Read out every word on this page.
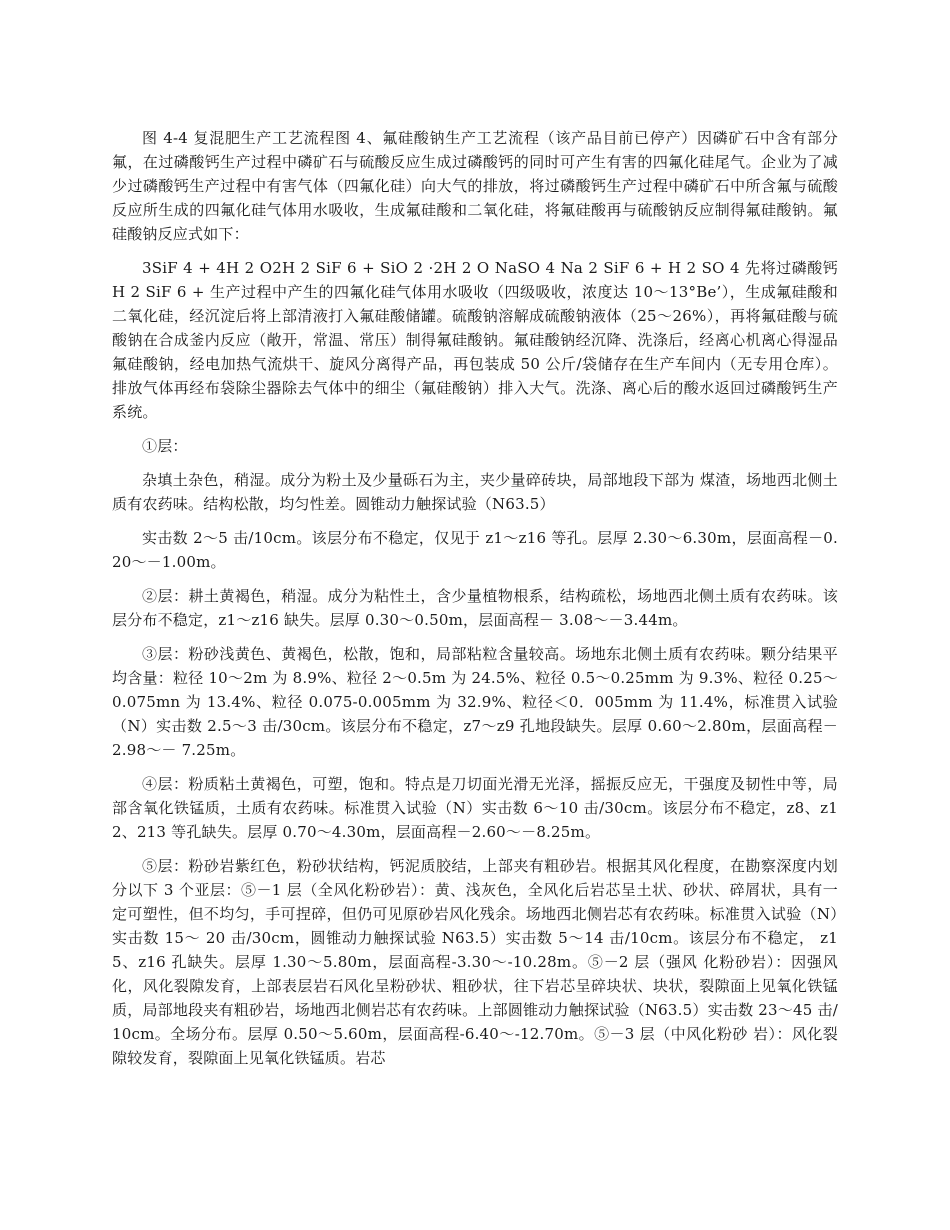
图 4-4 复混肥生产工艺流程图 4、氟硅酸钠生产工艺流程（该产品目前已停产）因磷矿石中含有部分氟，在过磷酸钙生产过程中磷矿石与硫酸反应生成过磷酸钙的同时可产生有害的四氟化硅尾气。企业为了减少过磷酸钙生产过程中有害气体（四氟化硅）向大气的排放，将过磷酸钙生产过程中磷矿石中所含氟与硫酸反应所生成的四氟化硅气体用水吸收，生成氟硅酸和二氧化硅，将氟硅酸再与硫酸钠反应制得氟硅酸钠。氟硅酸钠反应式如下：

3SiF 4 + 4H 2 O2H 2 SiF 6 + SiO 2 ·2H 2 O NaSO 4 Na 2 SiF 6 + H 2 SO 4 先将过磷酸钙 H 2 SiF 6 + 生产过程中产生的四氟化硅气体用水吸收（四级吸收，浓度达 10～13°Be’），生成氟硅酸和二氧化硅，经沉淀后将上部清液打入氟硅酸储罐。硫酸钠溶解成硫酸钠液体（25～26%），再将氟硅酸与硫酸钠在合成釜内反应（敞开，常温、常压）制得氟硅酸钠。氟硅酸钠经沉降、洗涤后，经离心机离心得湿品氟硅酸钠，经电加热气流烘干、旋风分离得产品，再包装成 50 公斤/袋储存在生产车间内（无专用仓库）。排放气体再经布袋除尘器除去气体中的细尘（氟硅酸钠）排入大气。洗涤、离心后的酸水返回过磷酸钙生产系统。

①层：

杂填土杂色，稍湿。成分为粉土及少量砾石为主，夹少量碎砖块，局部地段下部为 煤渣，场地西北侧土质有农药味。结构松散，均匀性差。圆锥动力触探试验（N63.5）

实击数 2～5 击/10cm。该层分布不稳定，仅见于 z1～z16 等孔。层厚 2.30～6.30m，层面高程－0.20～－1.00m。

②层：耕土黄褐色，稍湿。成分为粘性土，含少量植物根系，结构疏松，场地西北侧土质有农药味。该层分布不稳定，z1～z16 缺失。层厚 0.30～0.50m，层面高程－ 3.08～－3.44m。

③层：粉砂浅黄色、黄褐色，松散，饱和，局部粘粒含量较高。场地东北侧土质有农药味。颗分结果平均含量：粒径 10～2m 为 8.9%、粒径 2～0.5m 为 24.5%、粒径 0.5～0.25mm 为 9.3%、粒径 0.25～0.075mn 为 13.4%、粒径 0.075-0.005mm 为 32.9%、粒径＜0．005mm 为 11.4%，标准贯入试验（N）实击数 2.5～3 击/30cm。该层分布不稳定，z7～z9 孔地段缺失。层厚 0.60～2.80m，层面高程－2.98～－ 7.25m。

④层：粉质粘土黄褐色，可塑，饱和。特点是刀切面光滑无光泽，摇振反应无，干强度及韧性中等，局部含氧化铁锰质，土质有农药味。标准贯入试验（N）实击数 6～10 击/30cm。该层分布不稳定，z8、z12、213 等孔缺失。层厚 0.70～4.30m，层面高程－2.60～－8.25m。

⑤层：粉砂岩紫红色，粉砂状结构，钙泥质胶结，上部夹有粗砂岩。根据其风化程度，在勘察深度内划分以下 3 个亚层：⑤－1 层（全风化粉砂岩）：黄、浅灰色，全风化后岩芯呈土状、砂状、碎屑状，具有一定可塑性，但不均匀，手可捏碎，但仍可见原砂岩风化残余。场地西北侧岩芯有农药味。标准贯入试验（N）实击数 15～ 20 击/30cm，圆锥动力触探试验 N63.5）实击数 5～14 击/10cm。该层分布不稳定， z15、z16 孔缺失。层厚 1.30～5.80m，层面高程-3.30～-10.28m。⑤－2 层（强风 化粉砂岩）：因强风化，风化裂隙发育，上部表层岩石风化呈粉砂状、粗砂状，往下岩芯呈碎块状、块状，裂隙面上见氧化铁锰质，局部地段夹有粗砂岩，场地西北侧岩芯有农药味。上部圆锥动力触探试验（N63.5）实击数 23～45 击/10cm。全场分布。层厚 0.50～5.60m，层面高程-6.40～-12.70m。⑤－3 层（中风化粉砂 岩）：风化裂隙较发育，裂隙面上见氧化铁锰质。岩芯
